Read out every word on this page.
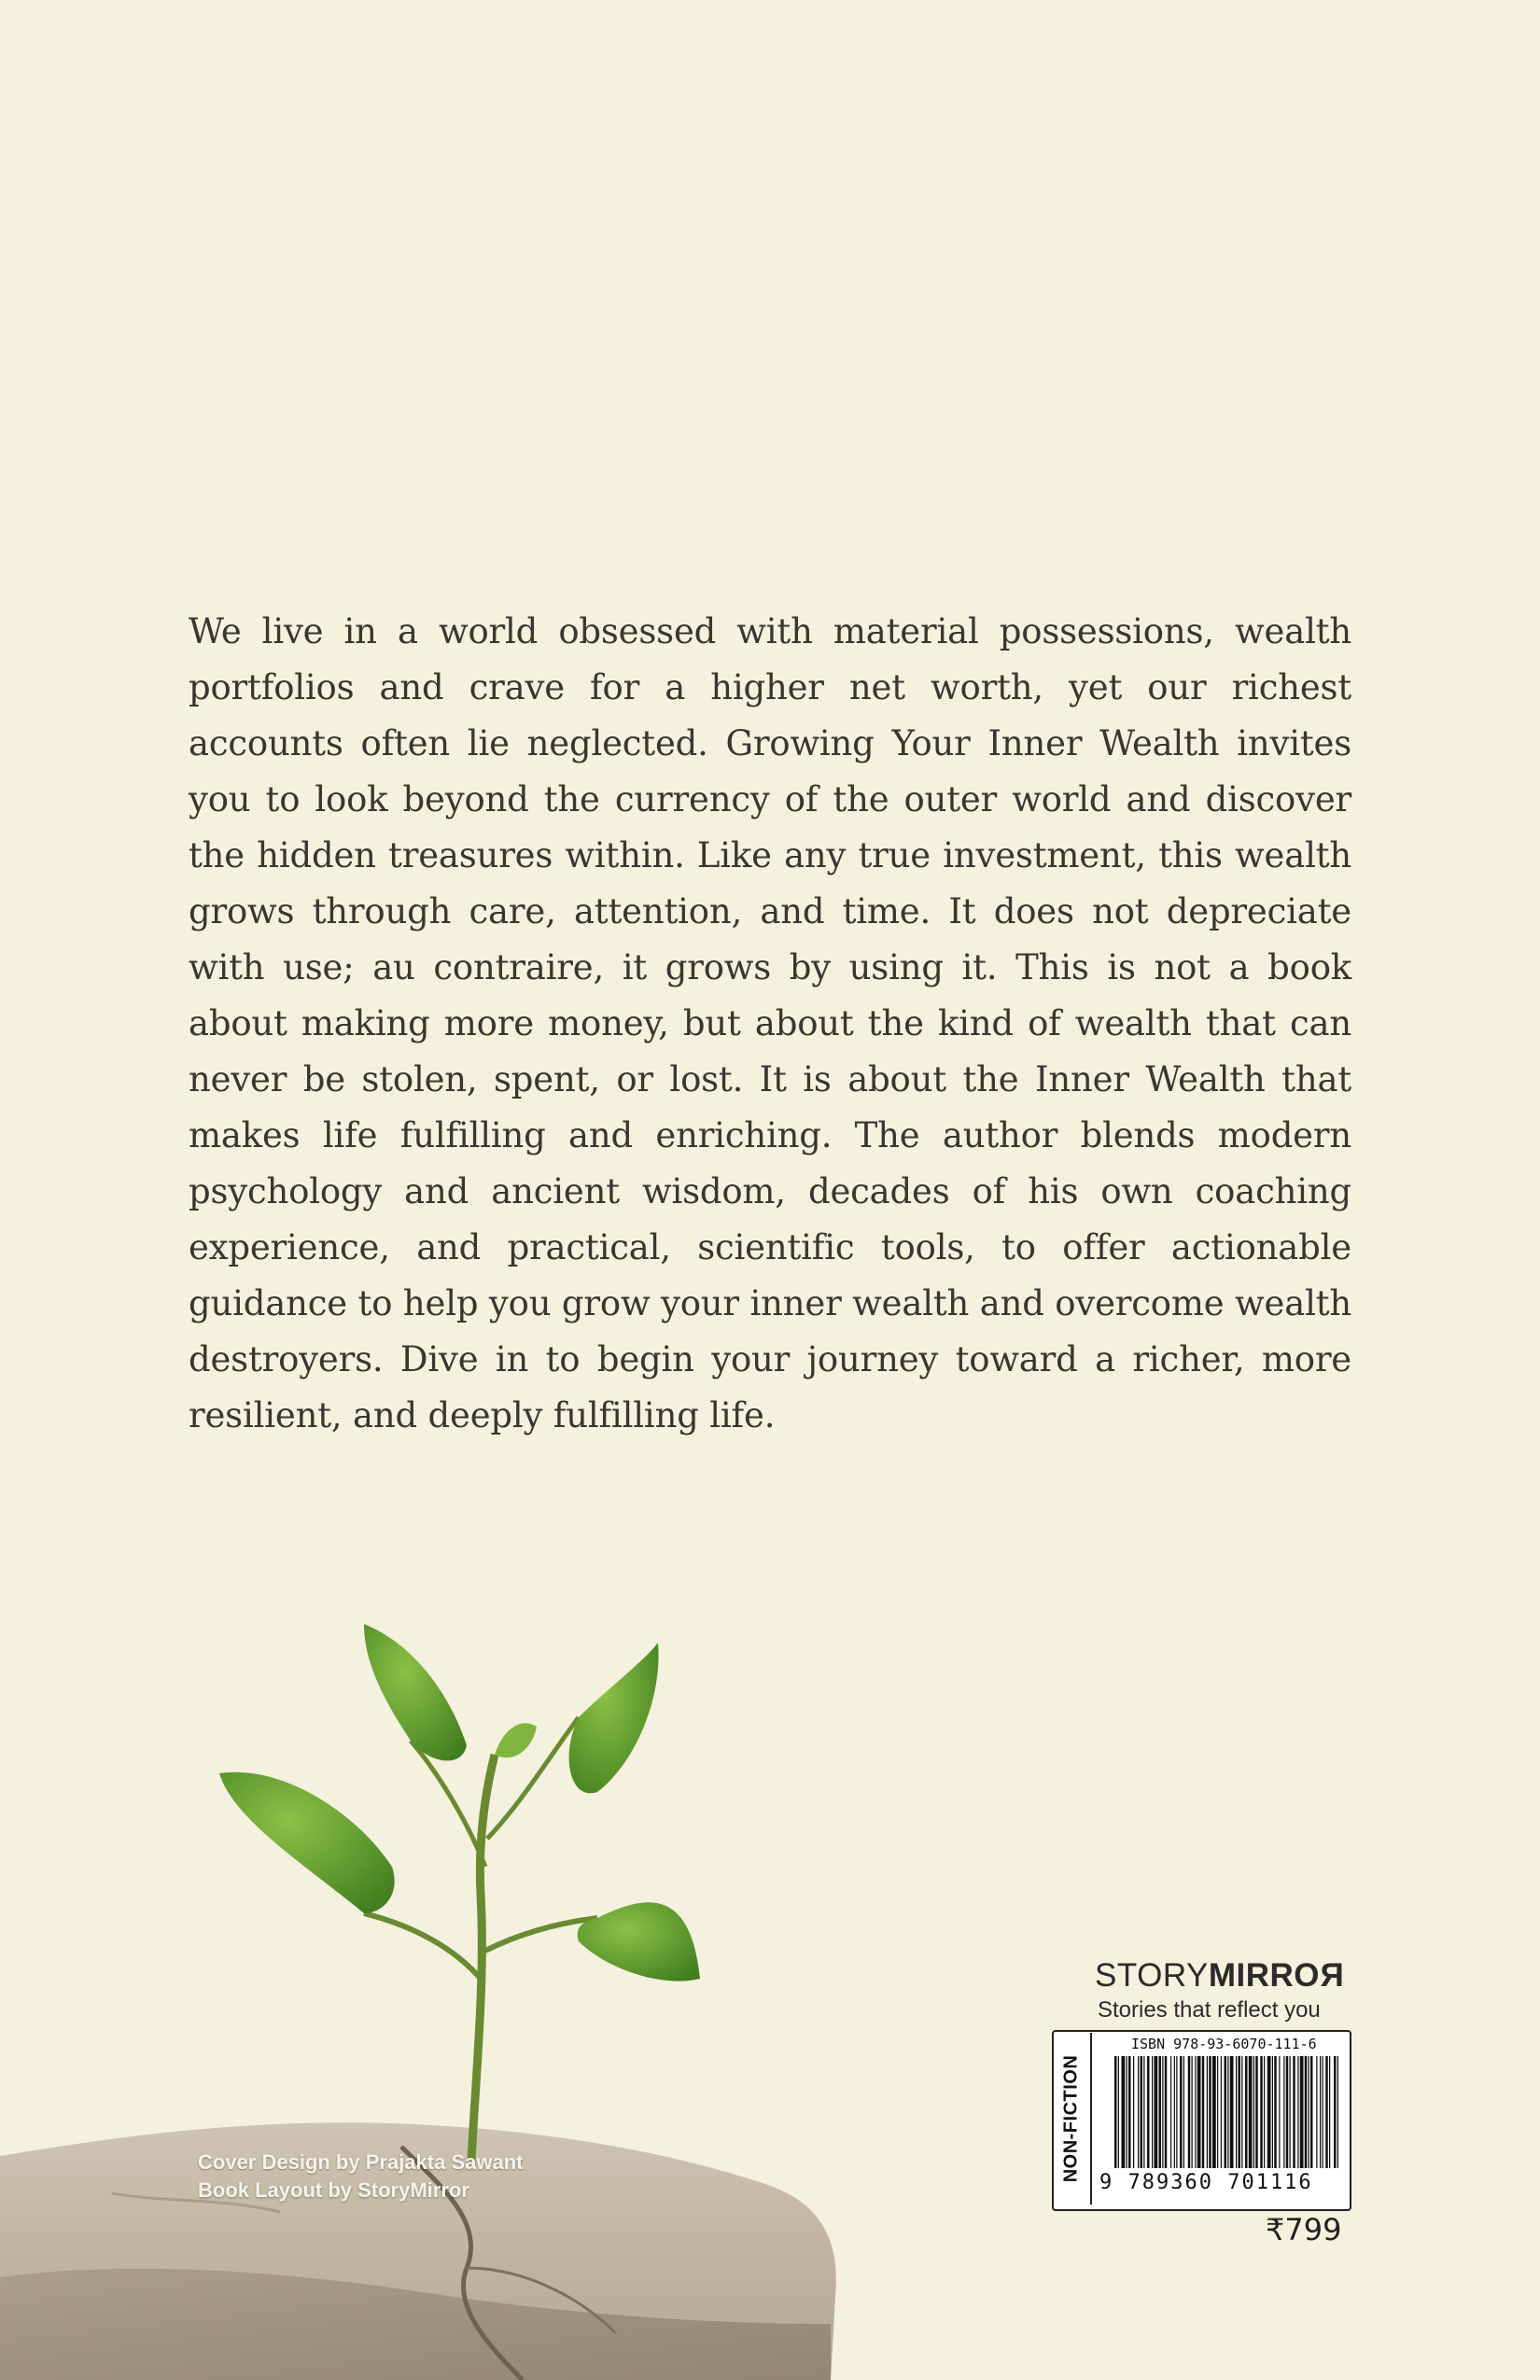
We live in a world obsessed with material possessions, wealth portfolios and crave for a higher net worth, yet our richest accounts often lie neglected. Growing Your Inner Wealth invites you to look beyond the currency of the outer world and discover the hidden treasures within. Like any true investment, this wealth grows through care, attention, and time. It does not depreciate with use; au contraire, it grows by using it. This is not a book about making more money, but about the kind of wealth that can never be stolen, spent, or lost. It is about the Inner Wealth that makes life fulfilling and enriching. The author blends modern psychology and ancient wisdom, decades of his own coaching experience, and practical, scientific tools, to offer actionable guidance to help you grow your inner wealth and overcome wealth destroyers. Dive in to begin your journey toward a richer, more resilient, and deeply fulfilling life.

Cover Design by Prajakta Sawant
Book Layout by StoryMirror
STORYMIRROR
Stories that reflect you
NON-FICTION
ISBN 978-93-6070-111-6
9 789360 701116
₹799
